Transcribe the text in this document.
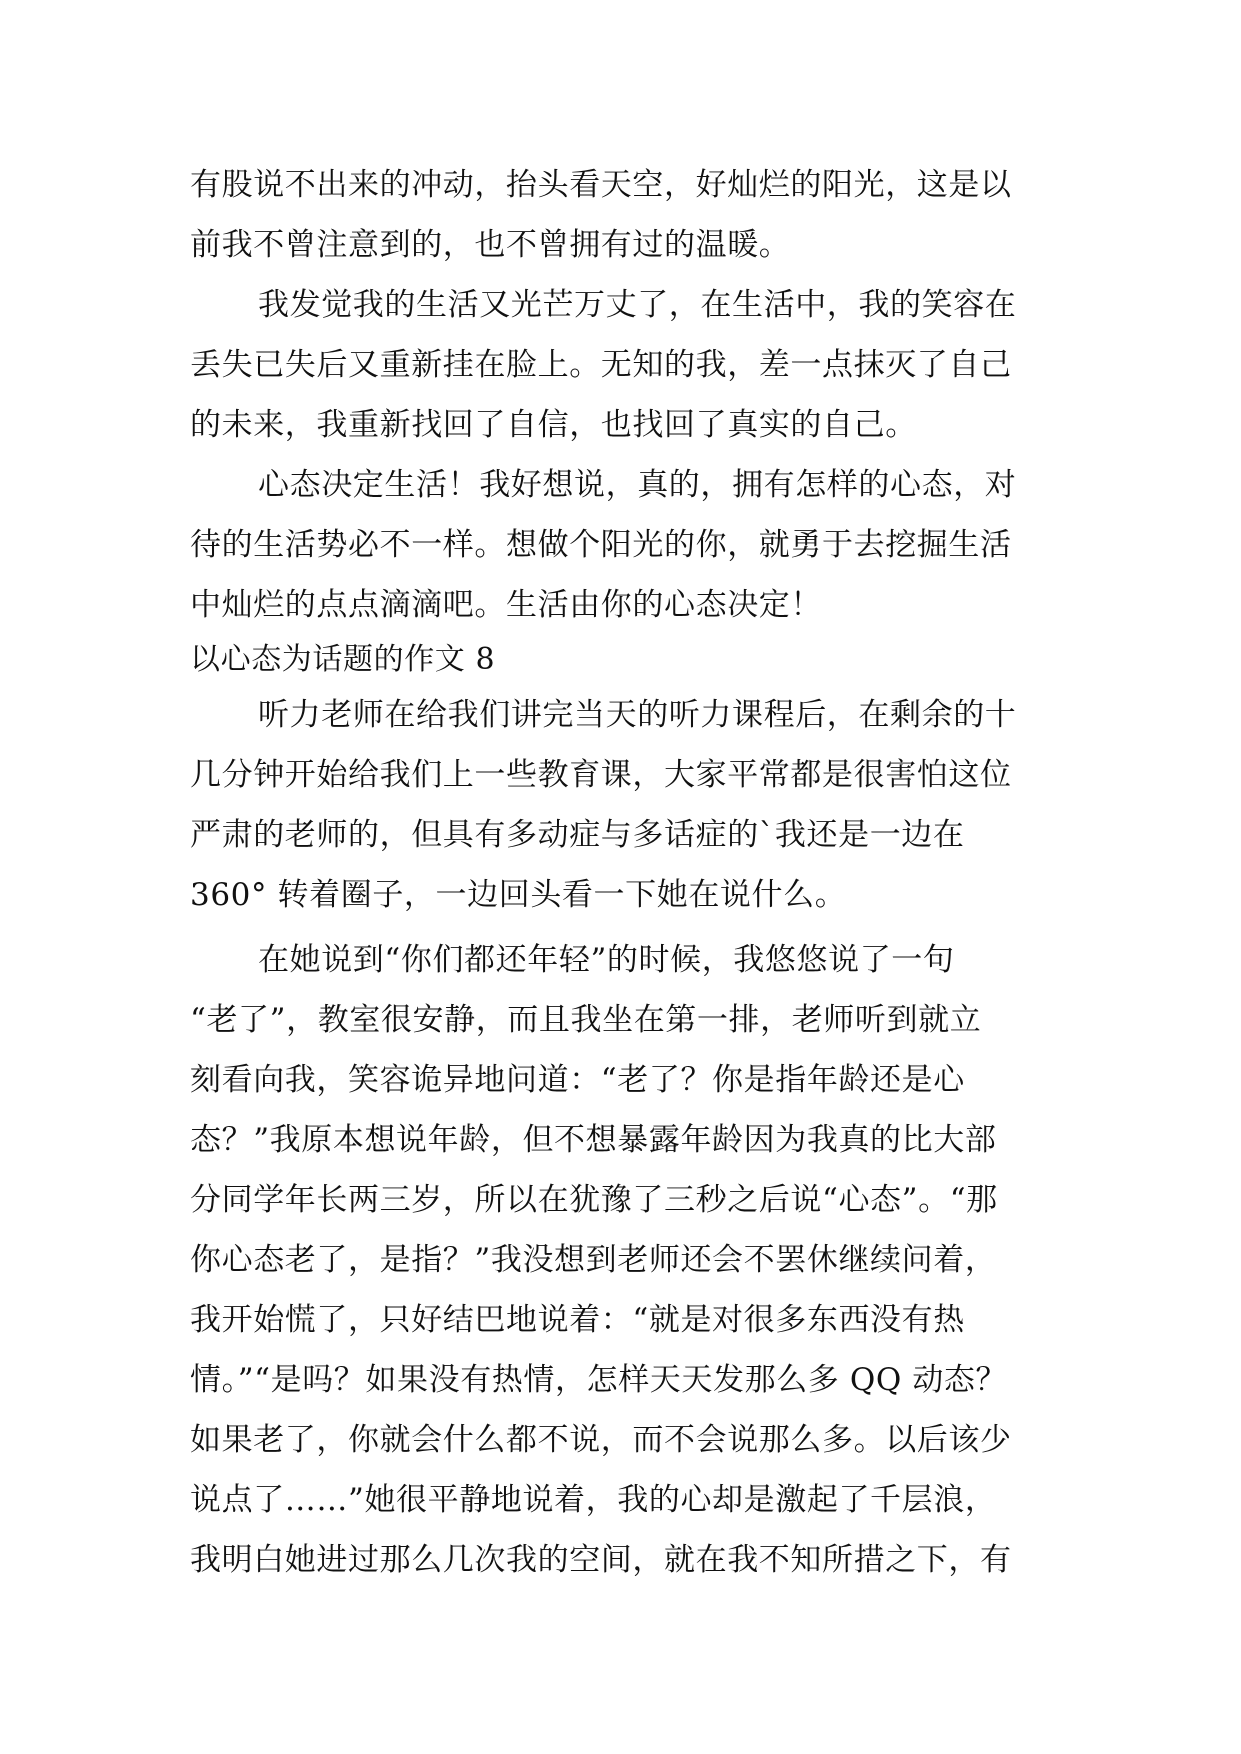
有股说不出来的冲动，抬头看天空，好灿烂的阳光，这是以
前我不曾注意到的，也不曾拥有过的温暖。
我发觉我的生活又光芒万丈了，在生活中，我的笑容在
丢失已失后又重新挂在脸上。无知的我，差一点抹灭了自己
的未来，我重新找回了自信，也找回了真实的自己。
心态决定生活！我好想说，真的，拥有怎样的心态，对
待的生活势必不一样。想做个阳光的你，就勇于去挖掘生活
中灿烂的点点滴滴吧。生活由你的心态决定！
以心态为话题的作文 8
听力老师在给我们讲完当天的听力课程后，在剩余的十
几分钟开始给我们上一些教育课，大家平常都是很害怕这位
严肃的老师的，但具有多动症与多话症的`我还是一边在
360° 转着圈子，一边回头看一下她在说什么。
在她说到“你们都还年轻”的时候，我悠悠说了一句
“老了”，教室很安静，而且我坐在第一排，老师听到就立
刻看向我，笑容诡异地问道：“老了？你是指年龄还是心
态？”我原本想说年龄，但不想暴露年龄因为我真的比大部
分同学年长两三岁，所以在犹豫了三秒之后说“心态”。“那
你心态老了，是指？”我没想到老师还会不罢休继续问着，
我开始慌了，只好结巴地说着：“就是对很多东西没有热
情。”“是吗？如果没有热情，怎样天天发那么多 QQ 动态？
如果老了，你就会什么都不说，而不会说那么多。以后该少
说点了……”她很平静地说着，我的心却是激起了千层浪，
我明白她进过那么几次我的空间，就在我不知所措之下，有
